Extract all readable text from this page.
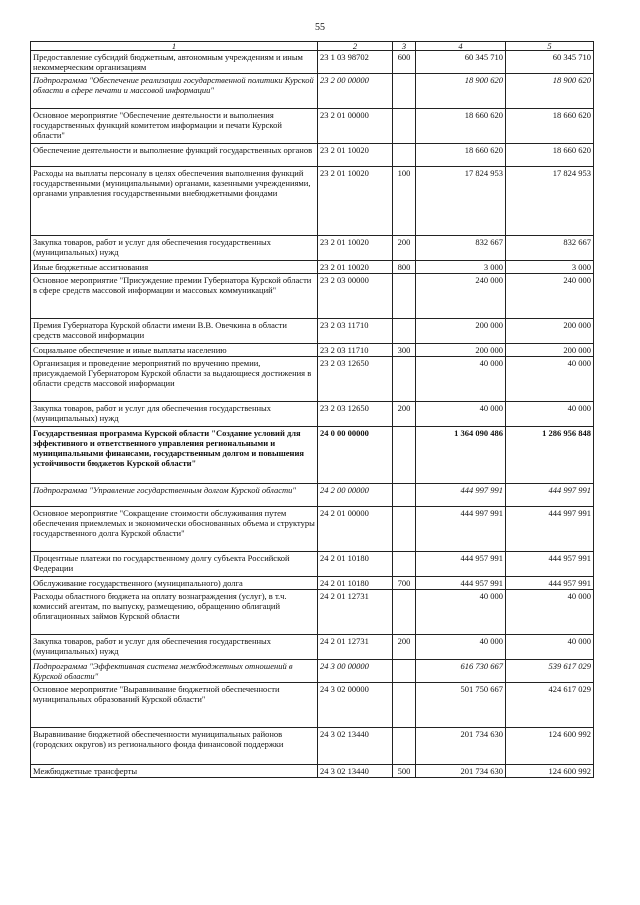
55
1	2	3	4	5
Предоставление субсидий бюджетным, автономным учреждениям и иным некоммерческим организациям	23 1 03 98702	600	60 345 710	60 345 710
Подпрограмма "Обеспечение реализации государственной политики Курской области в сфере печати и массовой информации"	23 2 00 00000		18 900 620	18 900 620
Основное мероприятие "Обеспечение деятельности и выполнения государственных функций комитетом информации и печати Курской области"	23 2 01 00000		18 660 620	18 660 620
Обеспечение деятельности и выполнение функций государственных органов	23 2 01 10020		18 660 620	18 660 620
Расходы на выплаты персоналу в целях обеспечения выполнения функций государственными (муниципальными) органами, казенными учреждениями, органами управления государственными внебюджетными фондами	23 2 01 10020	100	17 824 953	17 824 953
Закупка товаров, работ и услуг для обеспечения государственных (муниципальных) нужд	23 2 01 10020	200	832 667	832 667
Иные бюджетные ассигнования	23 2 01 10020	800	3 000	3 000
Основное мероприятие "Присуждение премии Губернатора Курской области в сфере средств массовой информации и массовых коммуникаций"	23 2 03 00000		240 000	240 000
Премия Губернатора Курской области имени В.В. Овечкина в области средств массовой информации	23 2 03 11710		200 000	200 000
Социальное обеспечение и иные выплаты населению	23 2 03 11710	300	200 000	200 000
Организация и проведение мероприятий по вручению премии, присуждаемой Губернатором Курской области за выдающиеся достижения в области средств массовой информации	23 2 03 12650		40 000	40 000
Закупка товаров, работ и услуг для обеспечения государственных (муниципальных) нужд	23 2 03 12650	200	40 000	40 000
Государственная программа Курской области "Создание условий для эффективного и ответственного управления региональными и муниципальными финансами, государственным долгом и повышения устойчивости бюджетов Курской области"	24 0 00 00000		1 364 090 486	1 286 956 848
Подпрограмма "Управление государственным долгом Курской области"	24 2 00 00000		444 997 991	444 997 991
Основное мероприятие "Сокращение стоимости обслуживания путем обеспечения приемлемых и экономически обоснованных объема и структуры государственного долга Курской области"	24 2 01 00000		444 997 991	444 997 991
Процентные платежи по государственному долгу субъекта Российской Федерации	24 2 01 10180		444 957 991	444 957 991
Обслуживание государственного (муниципального) долга	24 2 01 10180	700	444 957 991	444 957 991
Расходы областного бюджета на оплату вознаграждения (услуг), в т.ч. комиссий агентам, по выпуску, размещению, обращению облигаций облигационных займов Курской области	24 2 01 12731		40 000	40 000
Закупка товаров, работ и услуг для обеспечения государственных (муниципальных) нужд	24 2 01 12731	200	40 000	40 000
Подпрограмма "Эффективная система межбюджетных отношений в Курской области"	24 3 00 00000		616 730 667	539 617 029
Основное мероприятие "Выравнивание бюджетной обеспеченности муниципальных образований Курской области"	24 3 02 00000		501 750 667	424 617 029
Выравнивание бюджетной обеспеченности муниципальных районов (городских округов) из регионального фонда финансовой поддержки	24 3 02 13440		201 734 630	124 600 992
Межбюджетные трансферты	24 3 02 13440	500	201 734 630	124 600 992
